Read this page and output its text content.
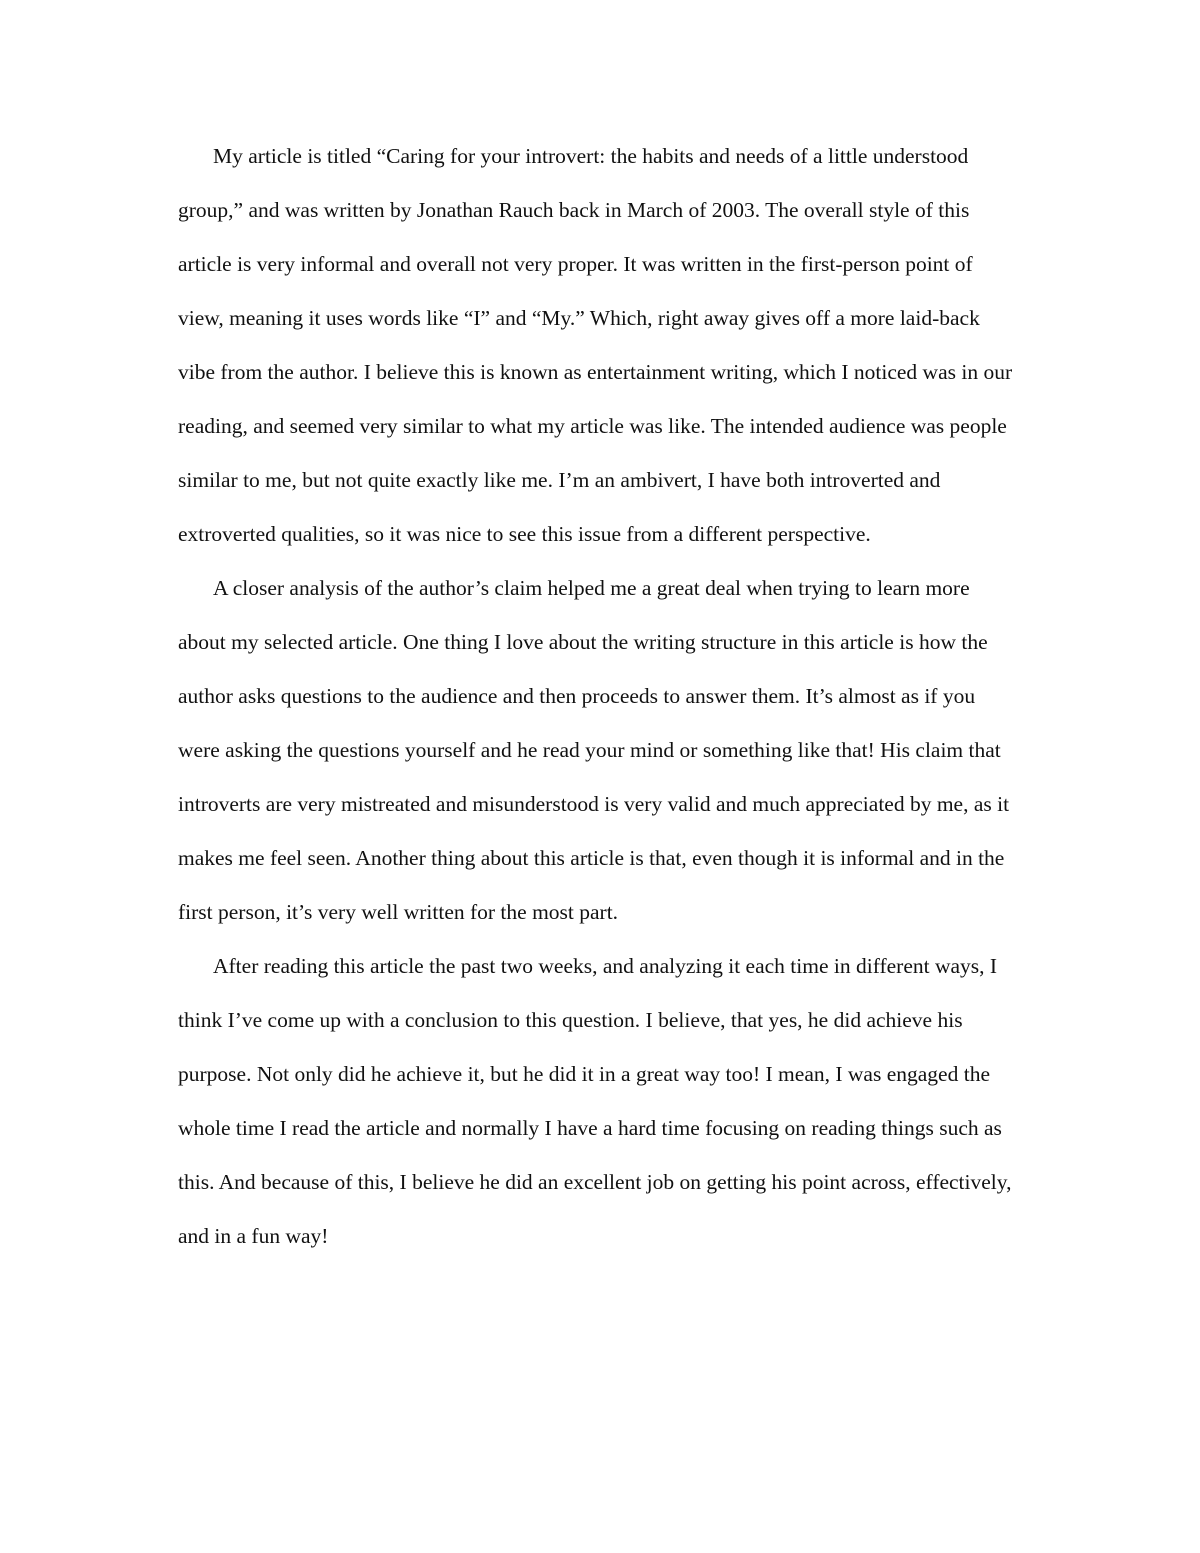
My article is titled “Caring for your introvert: the habits and needs of a little understood
group,” and was written by Jonathan Rauch back in March of 2003. The overall style of this
article is very informal and overall not very proper. It was written in the first-person point of
view, meaning it uses words like “I” and “My.” Which, right away gives off a more laid-back
vibe from the author. I believe this is known as entertainment writing, which I noticed was in our
reading, and seemed very similar to what my article was like. The intended audience was people
similar to me, but not quite exactly like me. I’m an ambivert, I have both introverted and
extroverted qualities, so it was nice to see this issue from a different perspective.
A closer analysis of the author’s claim helped me a great deal when trying to learn more
about my selected article. One thing I love about the writing structure in this article is how the
author asks questions to the audience and then proceeds to answer them. It’s almost as if you
were asking the questions yourself and he read your mind or something like that! His claim that
introverts are very mistreated and misunderstood is very valid and much appreciated by me, as it
makes me feel seen. Another thing about this article is that, even though it is informal and in the
first person, it’s very well written for the most part.
After reading this article the past two weeks, and analyzing it each time in different ways, I
think I’ve come up with a conclusion to this question. I believe, that yes, he did achieve his
purpose. Not only did he achieve it, but he did it in a great way too! I mean, I was engaged the
whole time I read the article and normally I have a hard time focusing on reading things such as
this. And because of this, I believe he did an excellent job on getting his point across, effectively,
and in a fun way!
